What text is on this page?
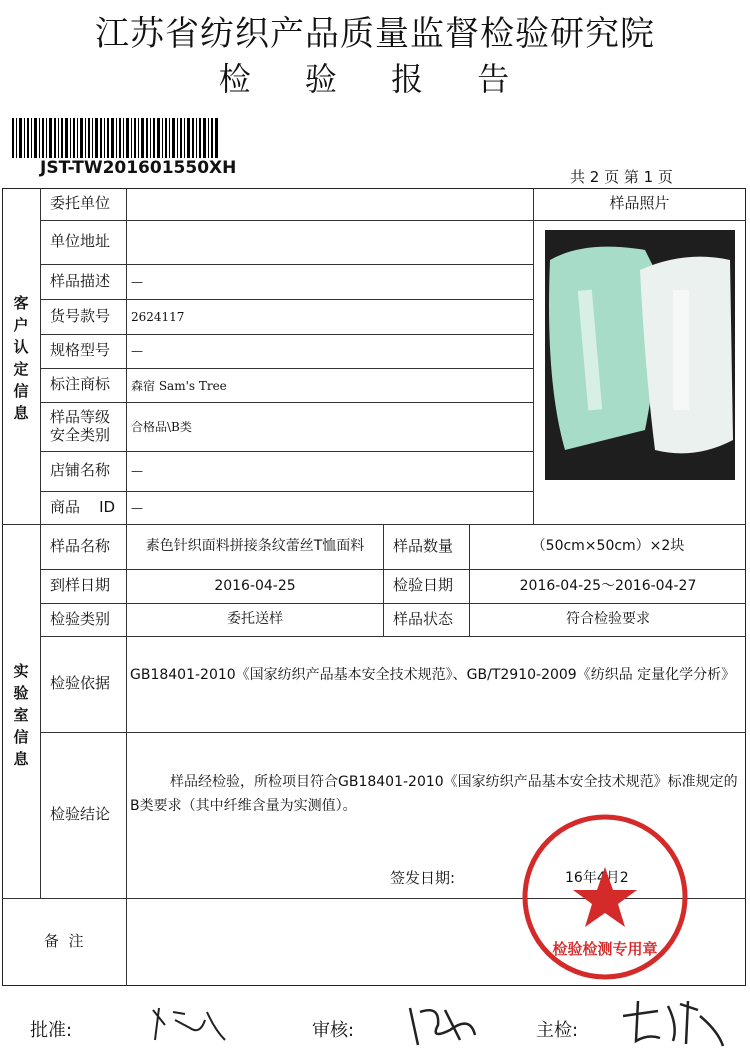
江苏省纺织产品质量监督检验研究院
检 验 报 告
JST-TW201601550XH	共 2 页 第 1 页
客
户
认
定
信
息
实
验
室
信
息
委托单位
单位地址
样品描述 —
货号款号 2624117
规格型号 —
标注商标 森宿 Sam's Tree
样品等级
安全类别 合格品\B类
店铺名称 —
商品    ID —
样品照片
样品名称	素色针织面料拼接条纹蕾丝T恤面料	样品数量	（50cm×50cm）×2块
到样日期	2016-04-25	检验日期	2016-04-25～2016-04-27
检验类别	委托送样	样品状态	符合检验要求
检验依据 GB18401-2010《国家纺织产品基本安全技术规范》、GB/T2910-2009《纺织品 定量化学分析》
检验结论
样品经检验，所检项目符合GB18401-2010《国家纺织产品基本安全技术规范》标准规定的B类要求（其中纤维含量为实测值）。
签发日期:	16年4月2
检验检测专用章
备  注
批准:	审核:	主检:
